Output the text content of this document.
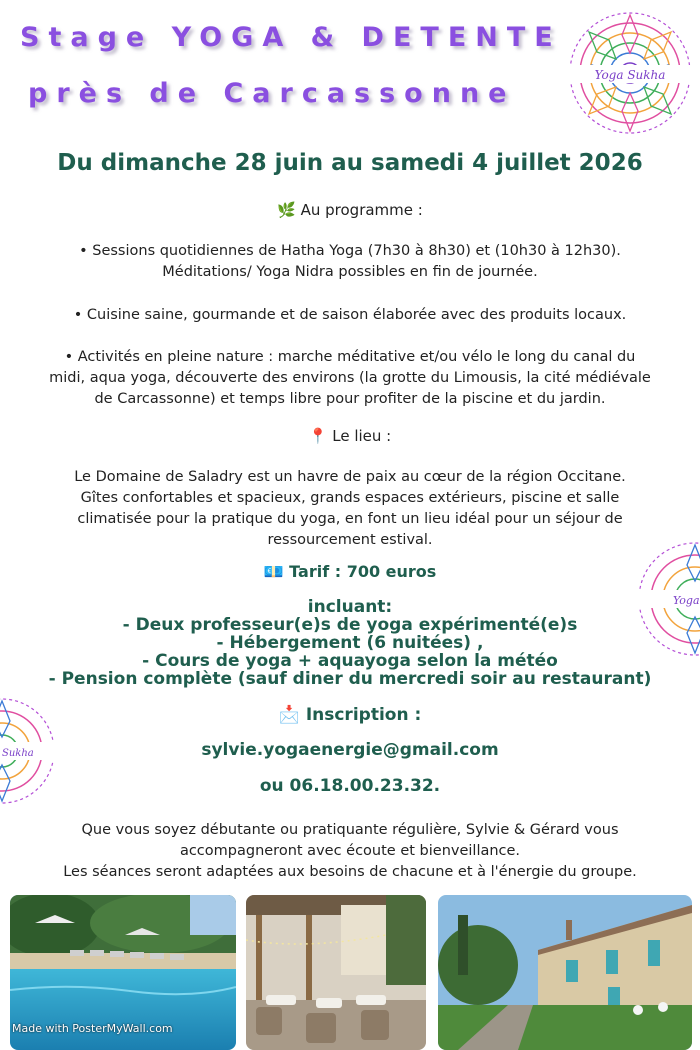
Stage YOGA & DETENTE
près de Carcassonne
Yoga Sukha
Yoga
Sukha
Du dimanche 28 juin au samedi 4 juillet 2026
🌿 Au programme :
• Sessions quotidiennes de Hatha Yoga (7h30 à 8h30) et (10h30 à 12h30).
Méditations/ Yoga Nidra possibles en fin de journée.
• Cuisine saine, gourmande et de saison élaborée avec des produits locaux.
• Activités en pleine nature : marche méditative et/ou vélo le long du canal du
midi, aqua yoga, découverte des environs (la grotte du Limousis, la cité médiévale
de Carcassonne) et temps libre pour profiter de la piscine et du jardin.
📍 Le lieu :
Le Domaine de Saladry est un havre de paix au cœur de la région Occitane.
Gîtes confortables et spacieux, grands espaces extérieurs, piscine et salle
climatisée pour la pratique du yoga, en font un lieu idéal pour un séjour de
ressourcement estival.
💶 Tarif : 700 euros
incluant:
- Deux professeur(e)s de yoga expérimenté(e)s
- Hébergement (6 nuitées) ,
- Cours de yoga + aquayoga selon la météo
- Pension complète (sauf diner du mercredi soir au restaurant)
📩 Inscription :
sylvie.yogaenergie@gmail.com
ou 06.18.00.23.32.
Que vous soyez débutante ou pratiquante régulière, Sylvie & Gérard vous
accompagneront avec écoute et bienveillance.
Les séances seront adaptées aux besoins de chacune et à l'énergie du groupe.
Made with PosterMyWall.com
